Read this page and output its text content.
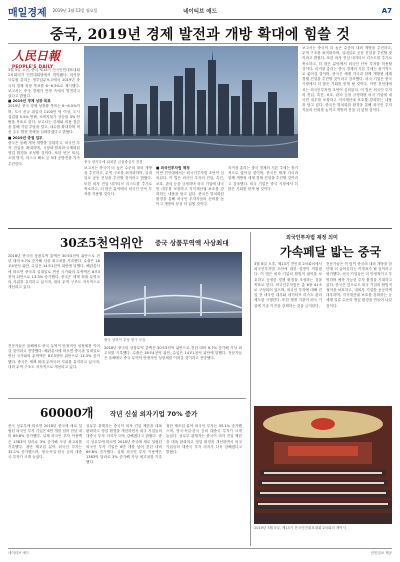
매일경제 2019년 3월 13일 월요일	네이티브 애드	A7
중국, 2019년 경제 발전과 개방 확대에 힘쓸 것
人民日報
PEOPLE'S DAILY
3월 5일 오전, 중국 제13기 전국인민대표대회 2차회의가 인민대회당에서 개막됐다. 리커창 국무원 총리는 정부업무보고에서 2019년 중국의 경제 성장 목표를 6~6.5%로 제시했다. 보고서는 중국 경제가 안정 속에서 발전하고 있다고 밝혔다.
■ 2019년 경제 성장 목표
2019년 중국 경제 성장률 목표는 6~6.5%이며, 도시 신규 취업자 1100만 명 이상, 도시 실업률 5.5% 안팎, 소비자물가 상승률 3% 안팎을 목표로 한다. 보고서는 감세와 비용 절감을 통해 기업 부담을 덜고, 내수를 확대하며 혁신 주도 발전 전략을 심화하겠다고 밝혔다.
■ 2019년 중점 업무
중국은 올해 개혁 개방을 심화하고, 외국인 투자 진입을 확대하며, 시장화·법치화·국제화된 영업 환경을 조성할 것이다. 또한 빈곤 퇴치, 오염 방지, 리스크 해소 등 3대 공방전을 지속 추진한다.	중국 광저우에 위치한 금융중심지 전경
보고서는 중국이 더 높은 수준의 대외 개방을 추진하고, 무역 구조를 최적화하며, 일대일로 공동 건설을 추진할 것이라고 밝혔다. 또한 외자 진입 네거티브 리스트를 추가로 축소하고, 더 많은 분야에서 외국인 단독 투자를 허용할 것이다. 리커창 총리는 중국 경제의 기본 추세는 장기적으로 좋아질 것이며, 중국은 세계 각국과 함께 개방형 세계 경제 건설을 추진할 것이라고 강조했다. 외국 기업은 중국 시장에서 더 많은 기회를 얻게 될 것이다. 이번 전인대에서는 외국인투자법 초안이 심의된다. 이 법은 외국인 투자의 진입, 촉진, 보호, 관리 등을 규정하며 외국 기업에 내국민 대우를 보장하고 지식재산권 보호를 강화하는 내용을 담고 있다. 중국은 법치화된 환경을 통해 외국인 투자자들의 신뢰를 높이고 개방의 문을 더 넓힐 것이다.
보고서는 중국이 더 높은 수준의 대외 개방을 추진하고, 무역 구조를 최적화하며, 일대일로 공동 건설을 추진할 것이라고 밝혔다. 또한 외자 진입 네거티브 리스트를 추가로 축소하고, 더 많은 분야에서 외국인 단독 투자를 허용할 것이다.
■ 외국인투자법 제정
이번 전인대에서는 외국인투자법 초안이 심의된다. 이 법은 외국인 투자의 진입, 촉진, 보호, 관리 등을 규정하며 외국 기업에 내국민 대우를 보장하고 지식재산권 보호를 강화하는 내용을 담고 있다. 중국은 법치화된 환경을 통해 외국인 투자자들의 신뢰를 높이고 개방의 문을 더 넓힐 것이다.
리커창 총리는 중국 경제의 기본 추세는 장기적으로 좋아질 것이며, 중국은 세계 각국과 함께 개방형 세계 경제 건설을 추진할 것이라고 강조했다. 외국 기업은 중국 시장에서 더 많은 기회를 얻게 될 것이다.
30조5천억위안 중국 상품무역액 사상최대
2018년 중국의 상품무역 총액은 30조5천억 위안으로 전년 대비 9.7% 증가해 사상 최고치를 기록했다. 수출은 16조4천억 위안, 수입은 14조1천억 위안에 달했다. 해관총서에 따르면 중국과 일대일로 연선 국가와의 무역액은 8조3천억 위안으로 13.3% 증가했다. 중국은 세계 최대 무역국의 지위를 유지하고 있으며, 대외 무역 구조도 지속적으로 개선되고 있다.
중국 상하이 푸둥 항구 모습
전문가들은 올해에도 중국 무역이 안정적인 성장세를 이어갈 것이라고 전망했다. 해관총서에 따르면 중국과 일대일로 연선 국가와의 무역액은 8조3천억 위안으로 13.3% 증가했다. 중국은 세계 최대 무역국의 지위를 유지하고 있으며, 대외 무역 구조도 지속적으로 개선되고 있다.
2018년 중국의 상품무역 총액은 30조5천억 위안으로 전년 대비 9.7% 증가해 사상 최고치를 기록했다. 수출은 16조4천억 위안, 수입은 14조1천억 위안에 달했다. 전문가들은 올해에도 중국 무역이 안정적인 성장세를 이어갈 것이라고 전망했다.
60000개	작년 신설 외자기업 70% 증가
중국 상무부에 따르면 2018년 중국에 새로 설립된 외국인 투자 기업은 6만 개를 넘어 전년 대비 69.8% 증가했다. 실제 외국인 투자 이용액은 1383억 달러로 3% 증가해 사상 최고치를 기록했다. 첨단 제조업 분야 외국인 투자는 35.1% 증가했으며, 영국·독일·한국 등의 대중국 투자가 크게 늘었다.
상무부 관계자는 중국이 외자 진입 제한을 대폭 완화하고 영업 환경을 개선하면서 외국 기업들의 대중국 투자 의지가 더욱 강해졌다고 밝혔다. 중국 상무부에 따르면 2018년 중국에 새로 설립된 외국인 투자 기업은 6만 개를 넘어 전년 대비 69.8% 증가했다. 실제 외국인 투자 이용액은 1383억 달러로 3% 증가해 사상 최고치를 기록했다.
첨단 제조업 분야 외국인 투자는 35.1% 증가했으며, 영국·독일·한국 등의 대중국 투자가 크게 늘었다. 상무부 관계자는 중국이 외자 진입 제한을 대폭 완화하고 영업 환경을 개선하면서 외국 기업들의 대중국 투자 의지가 더욱 강해졌다고 밝혔다.
외국인투자법 제정 의미
가속페달 밟는 중국
3월 8일 오후, 제13기 전인대 2차회의에서 외국인투자법 초안에 대한 설명이 이뤄졌다. 이 법은 외자 기업의 합법적 권익을 보호하고 공정한 경쟁 환경을 조성하는 것을 목표로 한다. 외국인투자법은 총 6장 41조로 구성되어 있으며, 외국인 투자에 대해 진입 전 내국민 대우와 네거티브 리스트 관리 제도를 시행한다. 또한 행정 기관이 외국 기업에 기술 이전을 강제하는 것을 금지한다.
전문가들은 이 법이 중국의 대외 개방을 한 단계 더 끌어올리는 이정표가 될 것이라고 평가했다. 외국 기업들은 더 안정적이고 투명하며 예측 가능한 투자 환경을 기대하고 있다. 중국은 앞으로도 외국 기업의 합법적 권익을 보호하고, 내외자 기업을 동등하게 대우하며, 지식재산권 보호를 강화하는 등 세계 일류 수준의 영업 환경을 만들어 나갈 것이다.
2019년 3월 5일, 제13기 전국인민대표대회 2차회의 개막식
네이티브 애드	인민일보 제공
